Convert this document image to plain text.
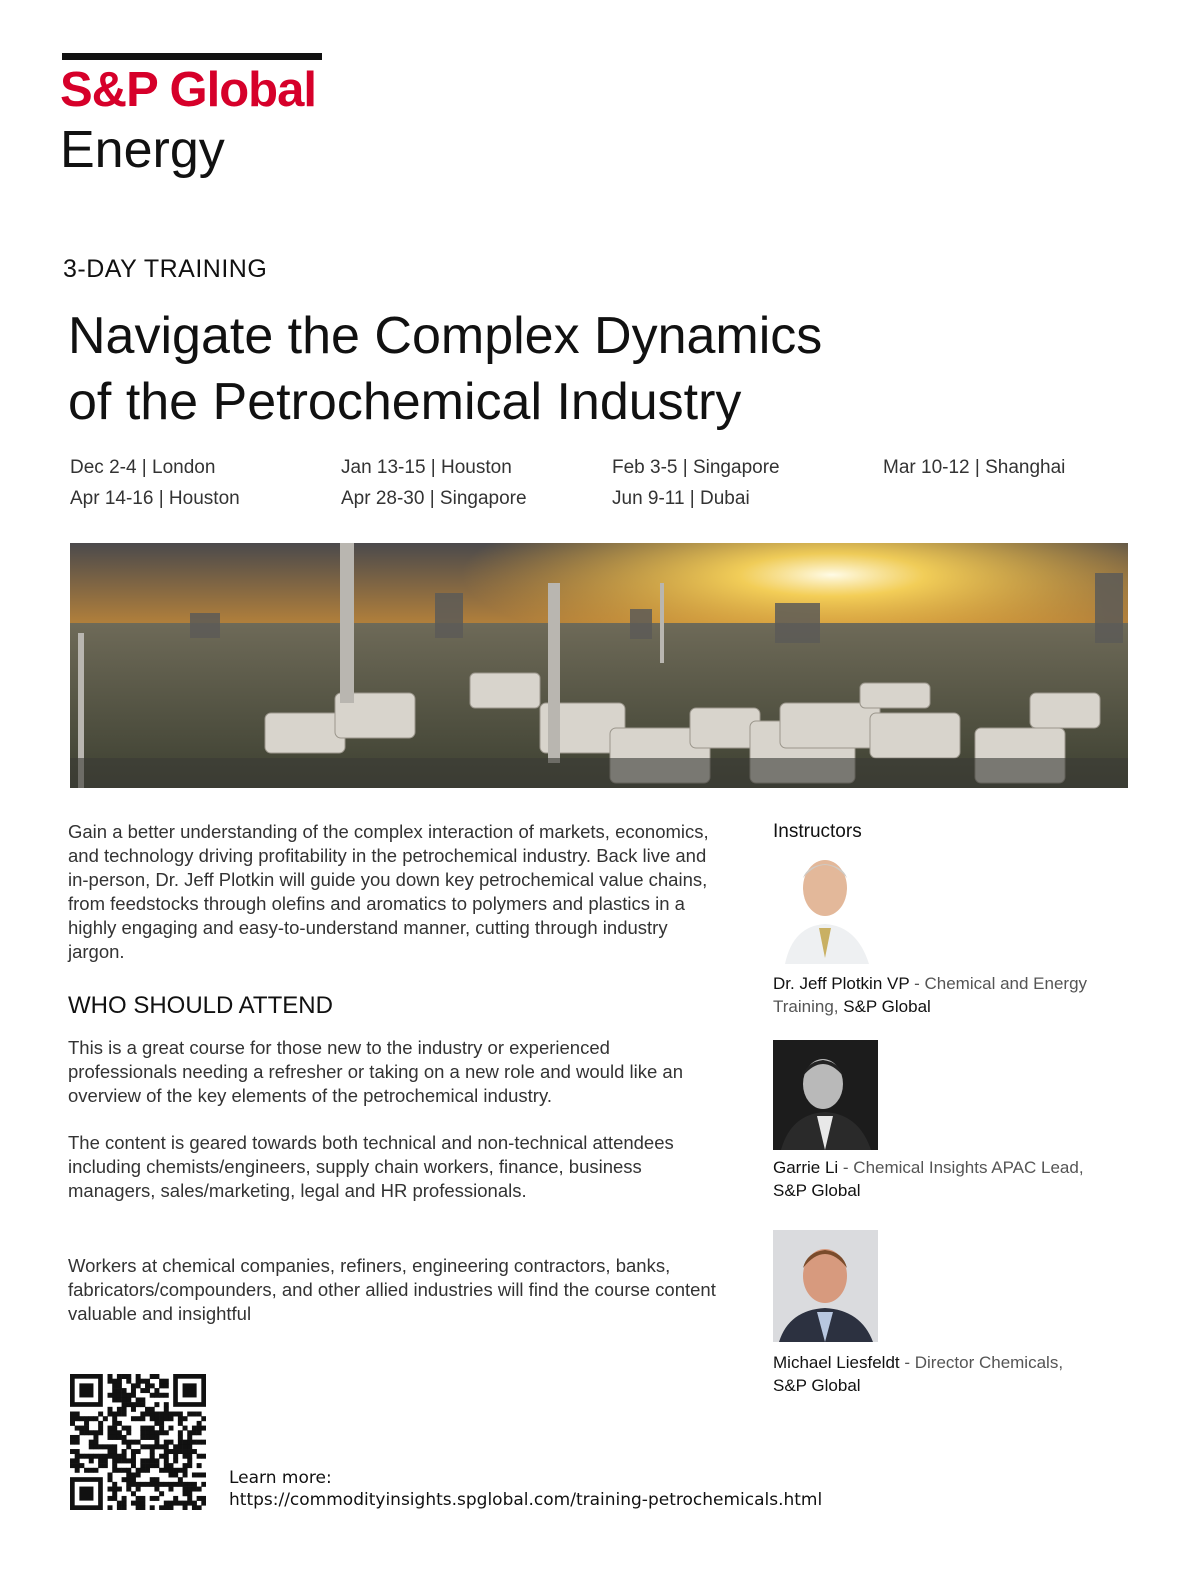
S&P Global
Energy
3-DAY TRAINING
Navigate the Complex Dynamics
of the Petrochemical Industry
Dec 2-4 | London	Jan 13-15 | Houston	Feb 3-5 | Singapore	Mar 10-12 | Shanghai
Apr 14-16 | Houston	Apr 28-30 | Singapore	Jun 9-11 | Dubai

Gain a better understanding of the complex interaction of markets, economics, and technology driving profitability in the petrochemical industry. Back live and in-person, Dr. Jeff Plotkin will guide you down key petrochemical value chains, from feedstocks through olefins and aromatics to polymers and plastics in a highly engaging and easy-to-understand manner, cutting through industry jargon.

WHO SHOULD ATTEND

This is a great course for those new to the industry or experienced professionals needing a refresher or taking on a new role and would like an overview of the key elements of the petrochemical industry.

The content is geared towards both technical and non-technical attendees including chemists/engineers, supply chain workers, finance, business managers, sales/marketing, legal and HR professionals.

Workers at chemical companies, refiners, engineering contractors, banks, fabricators/compounders, and other allied industries will find the course content valuable and insightful

Instructors
Dr. Jeff Plotkin VP - Chemical and Energy Training, S&P Global
Garrie Li - Chemical Insights APAC Lead,
S&P Global
Michael Liesfeldt - Director Chemicals,
S&P Global
Learn more:
https://commodityinsights.spglobal.com/training-petrochemicals.html
